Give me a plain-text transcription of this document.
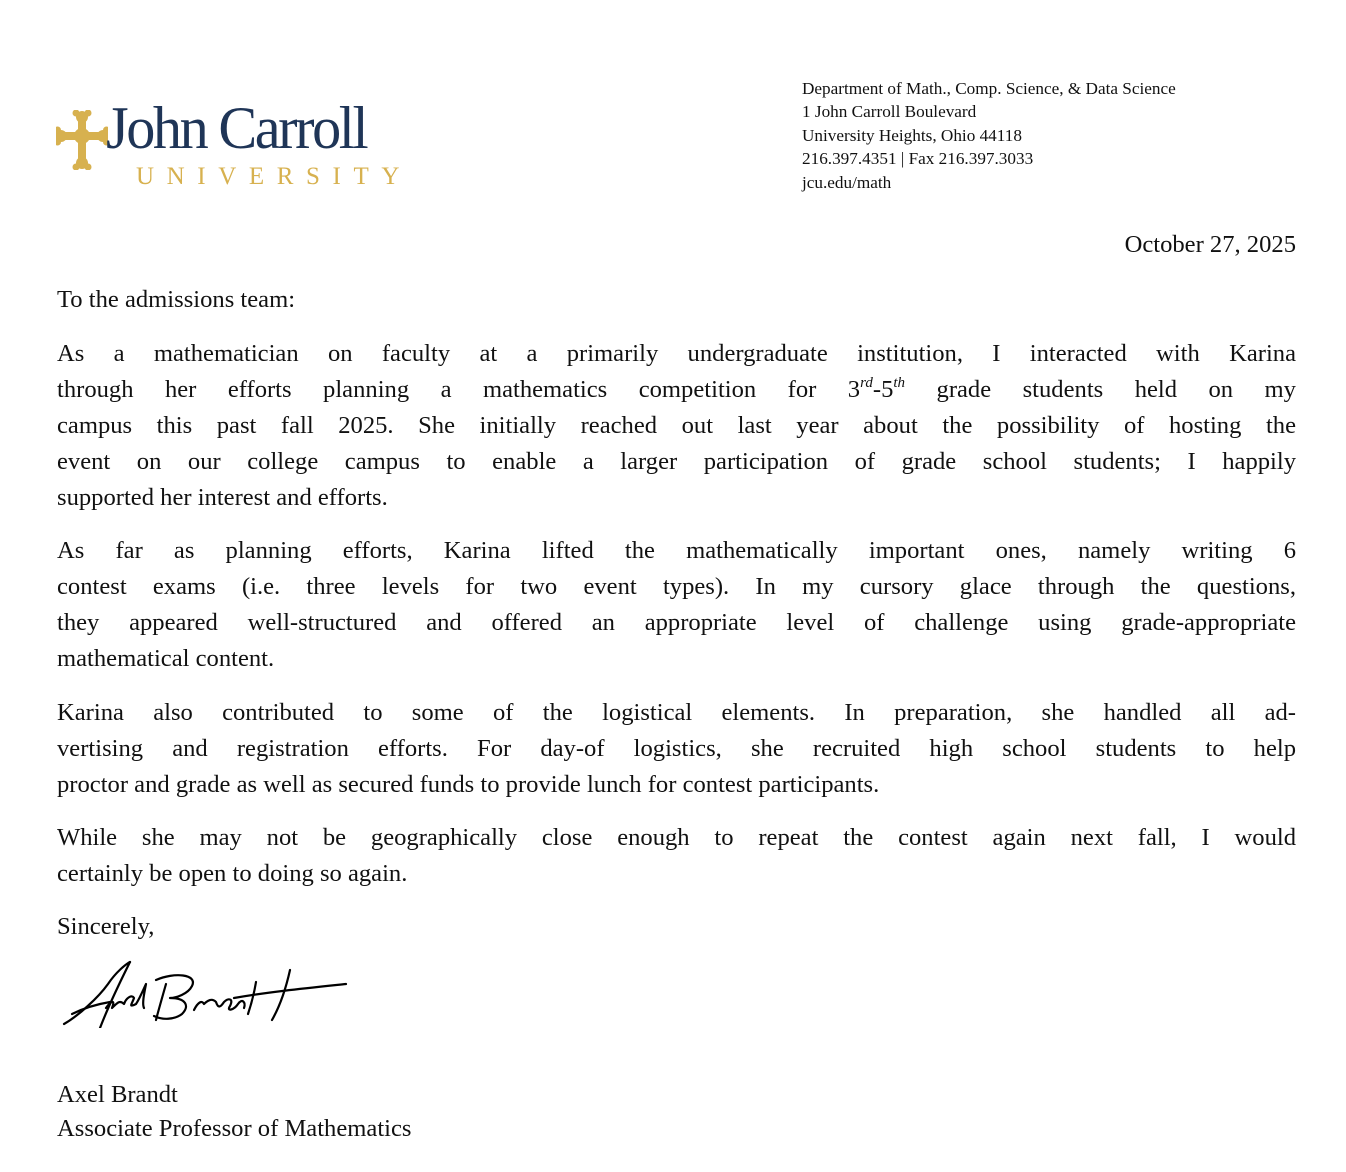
John Carroll
UNIVERSITY
Department of Math., Comp. Science, & Data Science
1 John Carroll Boulevard
University Heights, Ohio 44118
216.397.4351 | Fax 216.397.3033
jcu.edu/math
October 27, 2025
To the admissions team:
As a mathematician on faculty at a primarily undergraduate institution, I interacted with Karina
through her efforts planning a mathematics competition for 3rd-5th grade students held on my
campus this past fall 2025. She initially reached out last year about the possibility of hosting the
event on our college campus to enable a larger participation of grade school students; I happily
supported her interest and efforts.
As far as planning efforts, Karina lifted the mathematically important ones, namely writing 6
contest exams (i.e. three levels for two event types). In my cursory glace through the questions,
they appeared well-structured and offered an appropriate level of challenge using grade-appropriate
mathematical content.
Karina also contributed to some of the logistical elements. In preparation, she handled all ad-
vertising and registration efforts. For day-of logistics, she recruited high school students to help
proctor and grade as well as secured funds to provide lunch for contest participants.
While she may not be geographically close enough to repeat the contest again next fall, I would
certainly be open to doing so again.
Sincerely,
Axel Brandt
Associate Professor of Mathematics
